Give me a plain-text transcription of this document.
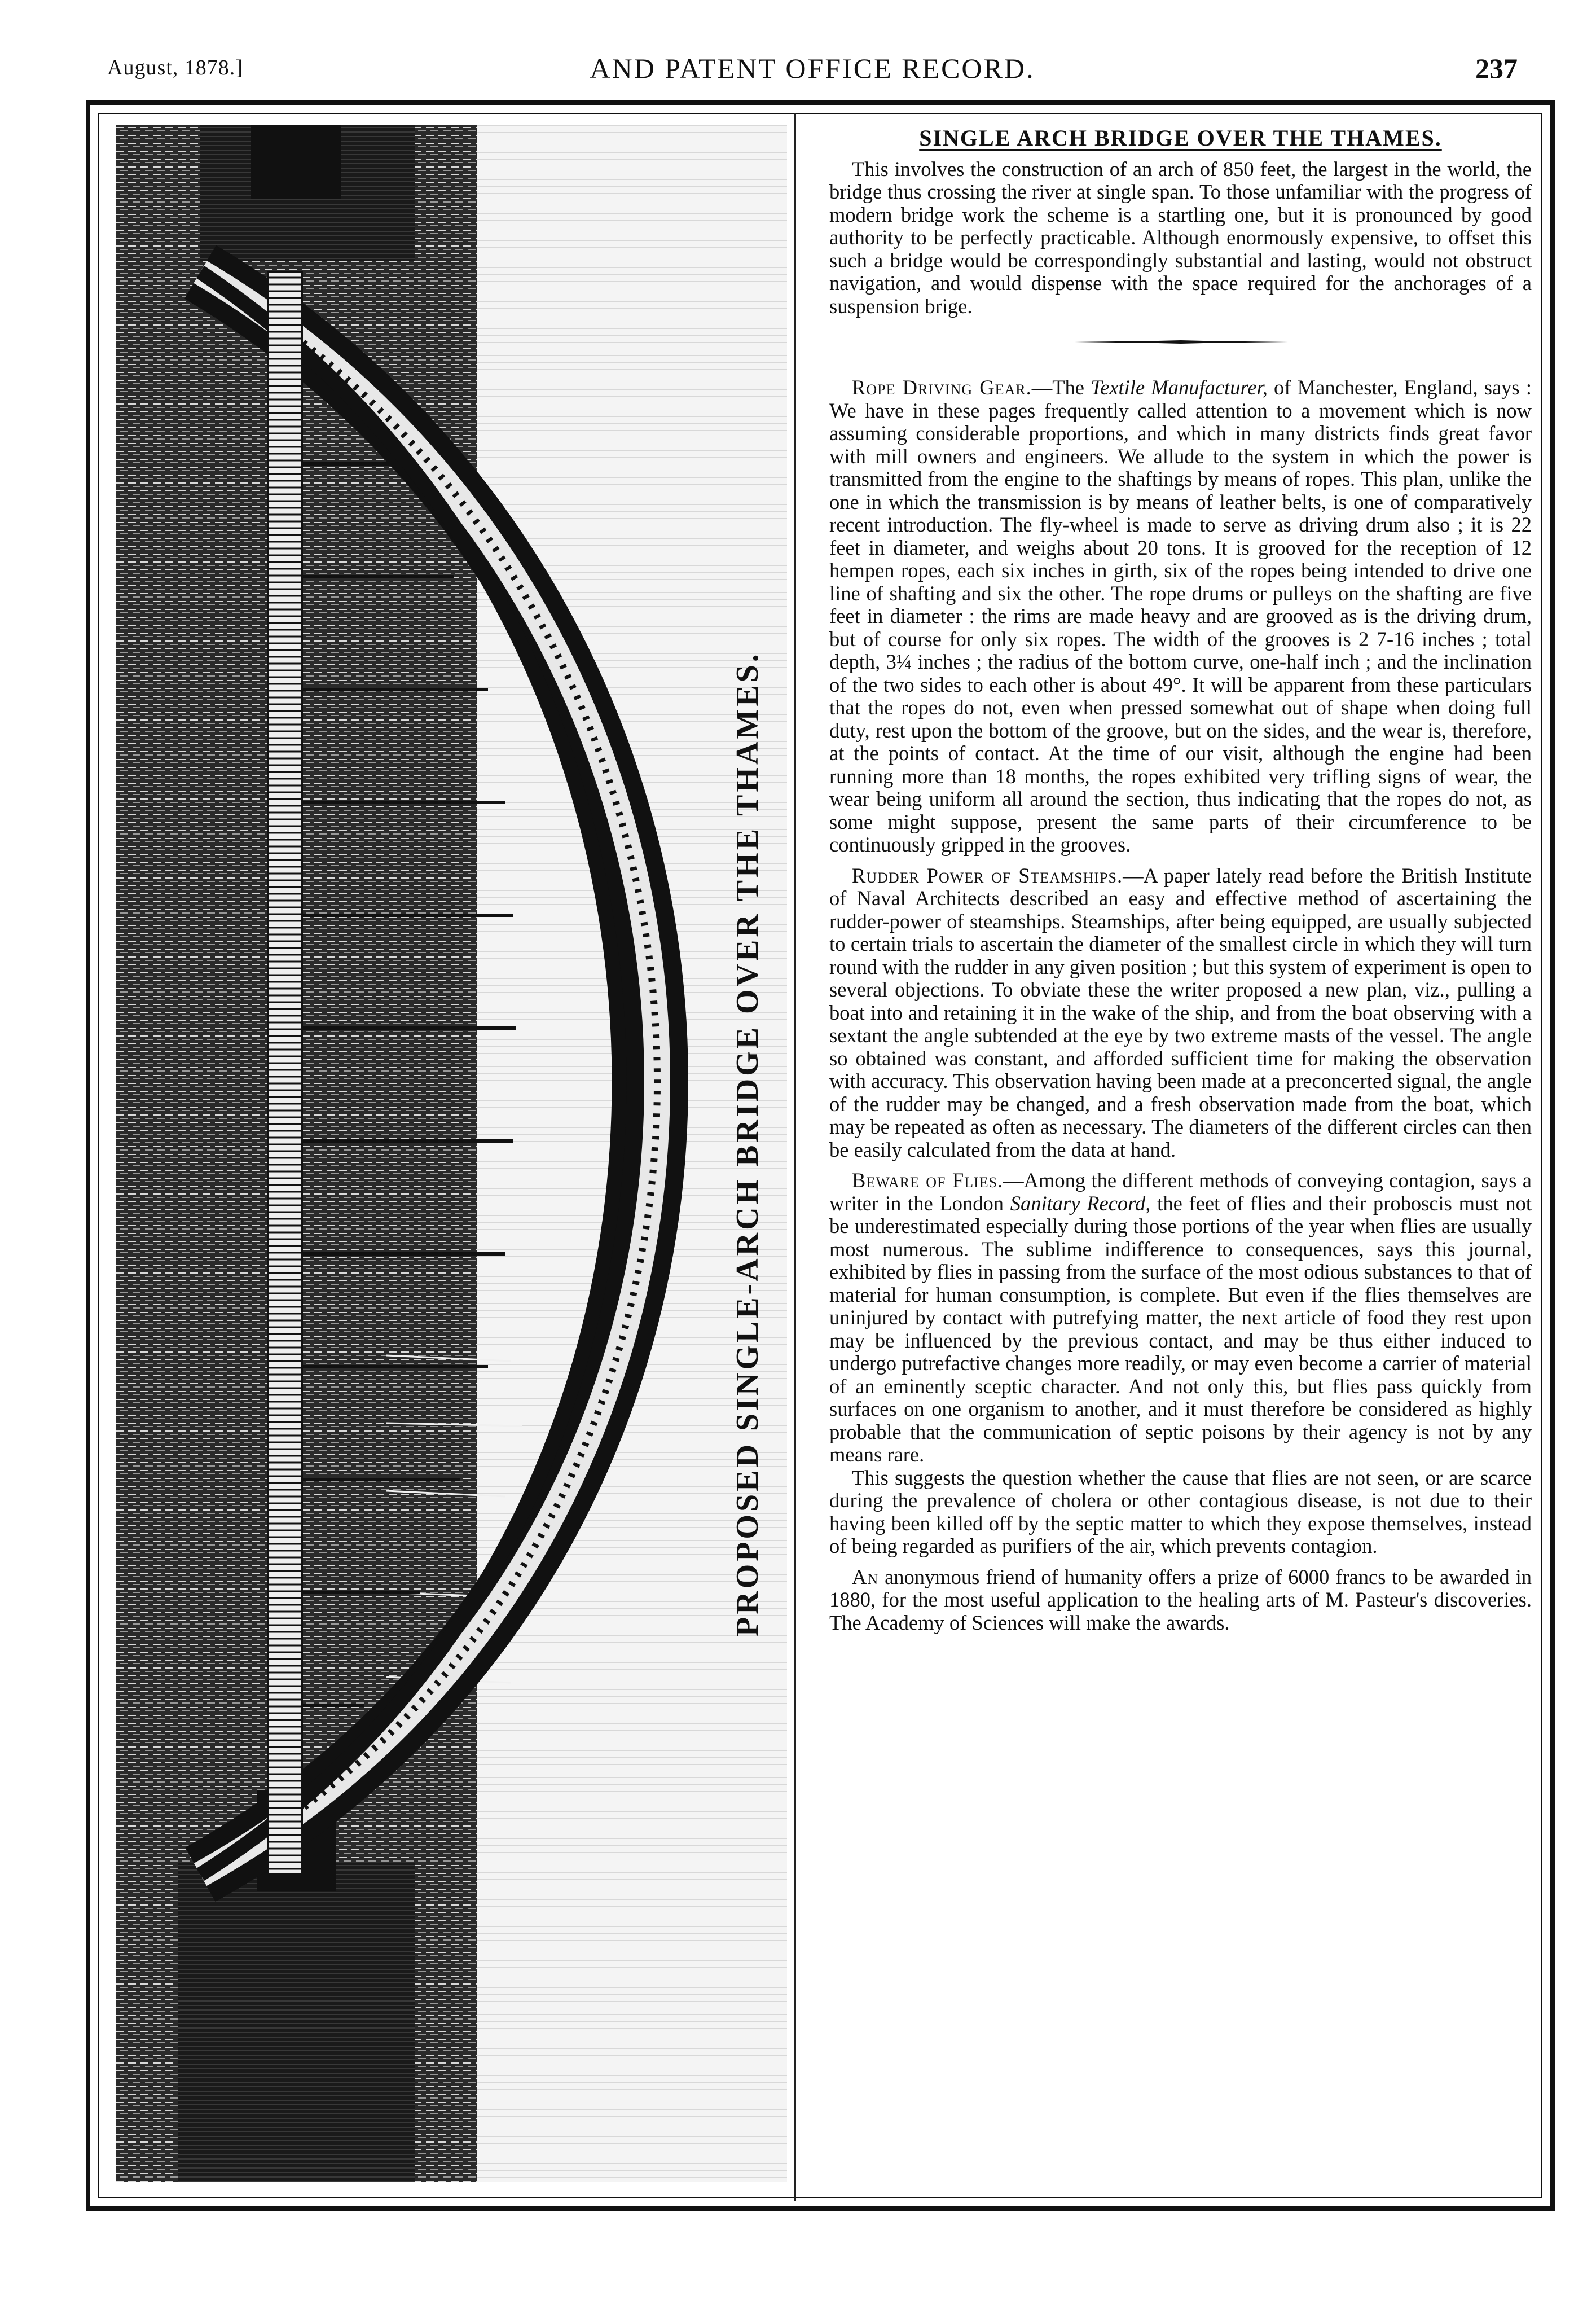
August, 1878.]	AND PATENT OFFICE RECORD.	237
PROPOSED SINGLE-ARCH BRIDGE OVER THE THAMES.
SINGLE ARCH BRIDGE OVER THE THAMES.

This involves the construction of an arch of 850 feet, the largest in the world, the bridge thus crossing the river at single span. To those unfamiliar with the progress of modern bridge work the scheme is a startling one, but it is pronounced by good authority to be perfectly practicable. Although enormously expensive, to offset this such a bridge would be correspondingly substantial and lasting, would not obstruct navigation, and would dispense with the space required for the anchorages of a suspension brige.

Rope Driving Gear.—The Textile Manufacturer, of Manchester, England, says : We have in these pages frequently called attention to a movement which is now assuming considerable proportions, and which in many districts finds great favor with mill owners and engineers. We allude to the system in which the power is transmitted from the engine to the shaftings by means of ropes. This plan, unlike the one in which the transmission is by means of leather belts, is one of comparatively recent introduction. The fly-wheel is made to serve as driving drum also ; it is 22 feet in diameter, and weighs about 20 tons. It is grooved for the reception of 12 hempen ropes, each six inches in girth, six of the ropes being intended to drive one line of shafting and six the other. The rope drums or pulleys on the shafting are five feet in diameter : the rims are made heavy and are grooved as is the driving drum, but of course for only six ropes. The width of the grooves is 2 7-16 inches ; total depth, 3¼ inches ; the radius of the bottom curve, one-half inch ; and the inclination of the two sides to each other is about 49°. It will be apparent from these particulars that the ropes do not, even when pressed somewhat out of shape when doing full duty, rest upon the bottom of the groove, but on the sides, and the wear is, therefore, at the points of contact. At the time of our visit, although the engine had been running more than 18 months, the ropes exhibited very trifling signs of wear, the wear being uniform all around the section, thus indicating that the ropes do not, as some might suppose, present the same parts of their circumference to be continuously gripped in the grooves.

Rudder Power of Steamships.—A paper lately read before the British Institute of Naval Architects described an easy and effective method of ascertaining the rudder-power of steamships. Steamships, after being equipped, are usually subjected to certain trials to ascertain the diameter of the smallest circle in which they will turn round with the rudder in any given position ; but this system of experiment is open to several objections. To obviate these the writer proposed a new plan, viz., pulling a boat into and retaining it in the wake of the ship, and from the boat observing with a sextant the angle subtended at the eye by two extreme masts of the vessel. The angle so obtained was constant, and afforded sufficient time for making the observation with accuracy. This observation having been made at a preconcerted signal, the angle of the rudder may be changed, and a fresh observation made from the boat, which may be repeated as often as necessary. The diameters of the different circles can then be easily calculated from the data at hand.

Beware of Flies.—Among the different methods of conveying contagion, says a writer in the London Sanitary Record, the feet of flies and their proboscis must not be underestimated especially during those portions of the year when flies are usually most numerous. The sublime indifference to consequences, says this journal, exhibited by flies in passing from the surface of the most odious substances to that of material for human consumption, is complete. But even if the flies themselves are uninjured by contact with putrefying matter, the next article of food they rest upon may be influenced by the previous contact, and may be thus either induced to undergo putrefactive changes more readily, or may even become a carrier of material of an eminently sceptic character. And not only this, but flies pass quickly from surfaces on one organism to another, and it must therefore be considered as highly probable that the communication of septic poisons by their agency is not by any means rare.

This suggests the question whether the cause that flies are not seen, or are scarce during the prevalence of cholera or other contagious disease, is not due to their having been killed off by the septic matter to which they expose themselves, instead of being regarded as purifiers of the air, which prevents contagion.

An anonymous friend of humanity offers a prize of 6000 francs to be awarded in 1880, for the most useful application to the healing arts of M. Pasteur's discoveries. The Academy of Sciences will make the awards.
